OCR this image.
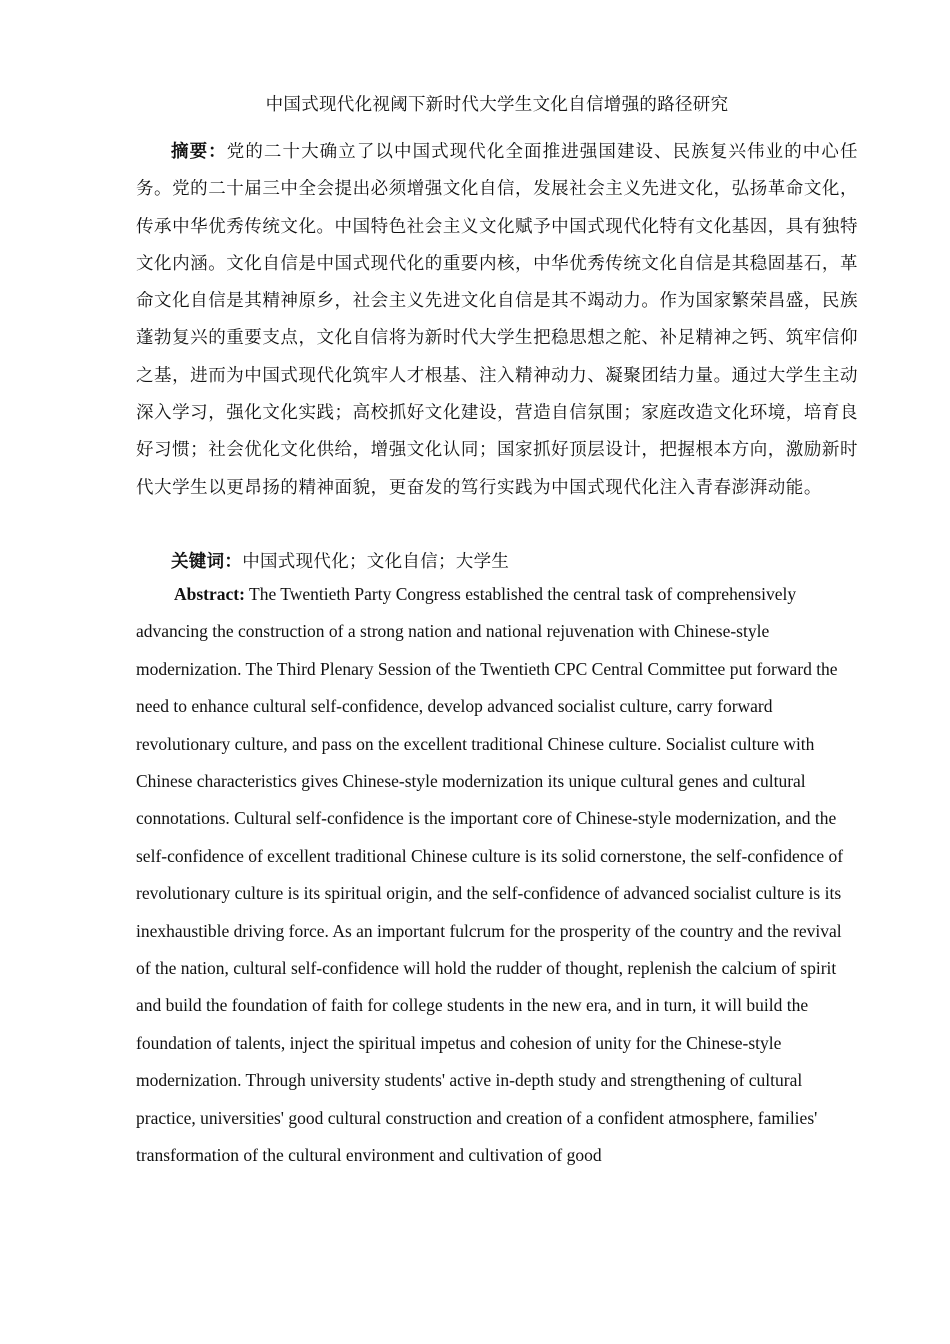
中国式现代化视阈下新时代大学生文化自信增强的路径研究

摘要：党的二十大确立了以中国式现代化全面推进强国建设、民族复兴伟业的中心任务。党的二十届三中全会提出必须增强文化自信，发展社会主义先进文化，弘扬革命文化，传承中华优秀传统文化。中国特色社会主义文化赋予中国式现代化特有文化基因，具有独特文化内涵。文化自信是中国式现代化的重要内核，中华优秀传统文化自信是其稳固基石，革命文化自信是其精神原乡，社会主义先进文化自信是其不竭动力。作为国家繁荣昌盛，民族蓬勃复兴的重要支点，文化自信将为新时代大学生把稳思想之舵、补足精神之钙、筑牢信仰之基，进而为中国式现代化筑牢人才根基、注入精神动力、凝聚团结力量。通过大学生主动深入学习，强化文化实践；高校抓好文化建设，营造自信氛围；家庭改造文化环境，培育良好习惯；社会优化文化供给，增强文化认同；国家抓好顶层设计，把握根本方向，激励新时代大学生以更昂扬的精神面貌，更奋发的笃行实践为中国式现代化注入青春澎湃动能。

关键词：中国式现代化；文化自信；大学生

Abstract: The Twentieth Party Congress established the central task of comprehensively advancing the construction of a strong nation and national rejuvenation with Chinese-style modernization. The Third Plenary Session of the Twentieth CPC Central Committee put forward the need to enhance cultural self-confidence, develop advanced socialist culture, carry forward revolutionary culture, and pass on the excellent traditional Chinese culture. Socialist culture with Chinese characteristics gives Chinese-style modernization its unique cultural genes and cultural connotations. Cultural self-confidence is the important core of Chinese-style modernization, and the self-confidence of excellent traditional Chinese culture is its solid cornerstone, the self-confidence of revolutionary culture is its spiritual origin, and the self-confidence of advanced socialist culture is its inexhaustible driving force. As an important fulcrum for the prosperity of the country and the revival of the nation, cultural self-confidence will hold the rudder of thought, replenish the calcium of spirit and build the foundation of faith for college students in the new era, and in turn, it will build the foundation of talents, inject the spiritual impetus and cohesion of unity for the Chinese-style modernization. Through university students' active in-depth study and strengthening of cultural practice, universities' good cultural construction and creation of a confident atmosphere, families' transformation of the cultural environment and cultivation of good
